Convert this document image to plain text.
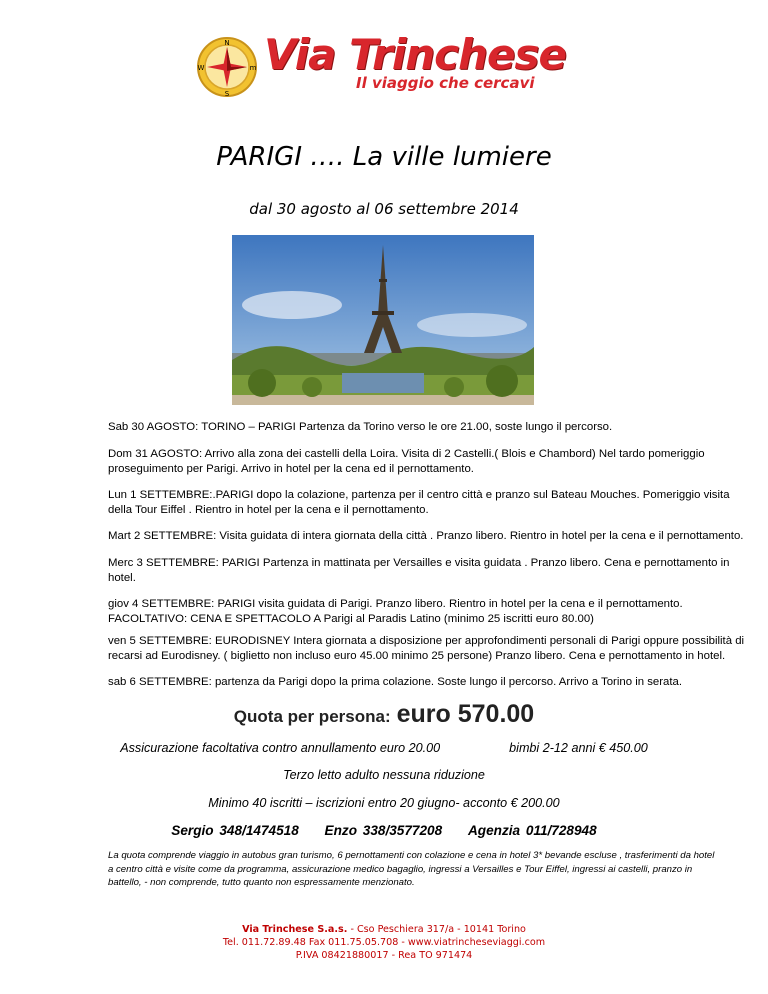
N
S
W	m Via Trinchese
Il viaggio che cercavi
PARIGI …. La ville lumiere
dal 30 agosto al 06 settembre 2014
Sab 30 AGOSTO: TORINO – PARIGI Partenza da Torino verso le ore 21.00, soste lungo il percorso.
Dom 31 AGOSTO: Arrivo alla zona dei castelli della Loira. Visita di 2 Castelli.( Blois e Chambord) Nel tardo pomeriggio
proseguimento per Parigi. Arrivo in hotel per la cena ed il pernottamento.
Lun 1 SETTEMBRE:.PARIGI dopo la colazione, partenza per il centro città e pranzo sul Bateau Mouches. Pomeriggio visita
della Tour Eiffel . Rientro in hotel per la cena e il pernottamento.
Mart 2 SETTEMBRE: Visita guidata di intera giornata della città . Pranzo libero. Rientro in hotel per la cena e il pernottamento.
Merc 3 SETTEMBRE: PARIGI Partenza in mattinata per Versailles e visita guidata . Pranzo libero. Cena e pernottamento in
hotel.
giov 4 SETTEMBRE: PARIGI visita guidata di Parigi. Pranzo libero. Rientro in hotel per la cena e il pernottamento.
FACOLTATIVO: CENA E SPETTACOLO A Parigi al Paradis Latino (minimo 25 iscritti euro 80.00)
ven 5 SETTEMBRE: EURODISNEY Intera giornata a disposizione per approfondimenti personali di Parigi oppure possibilità di
recarsi ad Eurodisney. ( biglietto non incluso euro 45.00 minimo 25 persone) Pranzo libero. Cena e pernottamento in hotel.
sab 6 SETTEMBRE: partenza da Parigi dopo la prima colazione. Soste lungo il percorso. Arrivo a Torino in serata.
Quota per persona: euro 570.00
Assicurazione facoltativa contro annullamento euro 20.00	bimbi 2-12 anni € 450.00
Terzo letto adulto nessuna riduzione
Minimo 40 iscritti – iscrizioni entro 20 giugno- acconto € 200.00
Sergio 348/1474518 Enzo 338/3577208 Agenzia 011/728948
La quota comprende viaggio in autobus gran turismo, 6 pernottamenti con colazione e cena in hotel 3* bevande escluse , trasferimenti da hotel
a centro città e visite come da programma, assicurazione medico bagaglio, ingressi a Versailles e Tour Eiffel, ingressi ai castelli, pranzo in
battello, - non comprende, tutto quanto non espressamente menzionato.
Via Trinchese S.a.s. - Cso Peschiera 317/a - 10141 Torino
Tel. 011.72.89.48 Fax 011.75.05.708 - www.viatrincheseviaggi.com
P.IVA 08421880017 - Rea TO 971474
